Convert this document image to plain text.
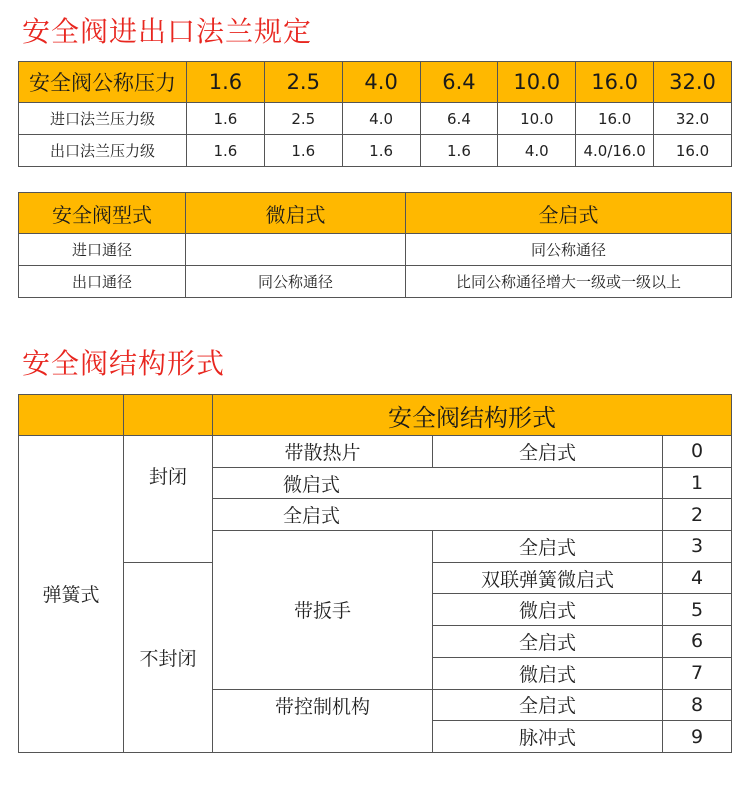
安全阀进出口法兰规定
安全阀公称压力	1.6	2.5	4.0	6.4	10.0	16.0	32.0
进口法兰压力级	1.6	2.5	4.0	6.4	10.0	16.0	32.0
出口法兰压力级	1.6	1.6	1.6	1.6	4.0	4.0/16.0	16.0
安全阀型式	微启式	全启式
进口通径		同公称通径
出口通径	同公称通径	比同公称通径增大一级或一级以上
安全阀结构形式
		安全阀结构形式		
弹簧式	封闭	带散热片	全启式	0
		微启式		1
		全启式		2
		带扳手	全启式	3
	不封闭		双联弹簧微启式	4
			微启式	5
			全启式	6
			微启式	7
		带控制机构	全启式	8
			脉冲式	9
